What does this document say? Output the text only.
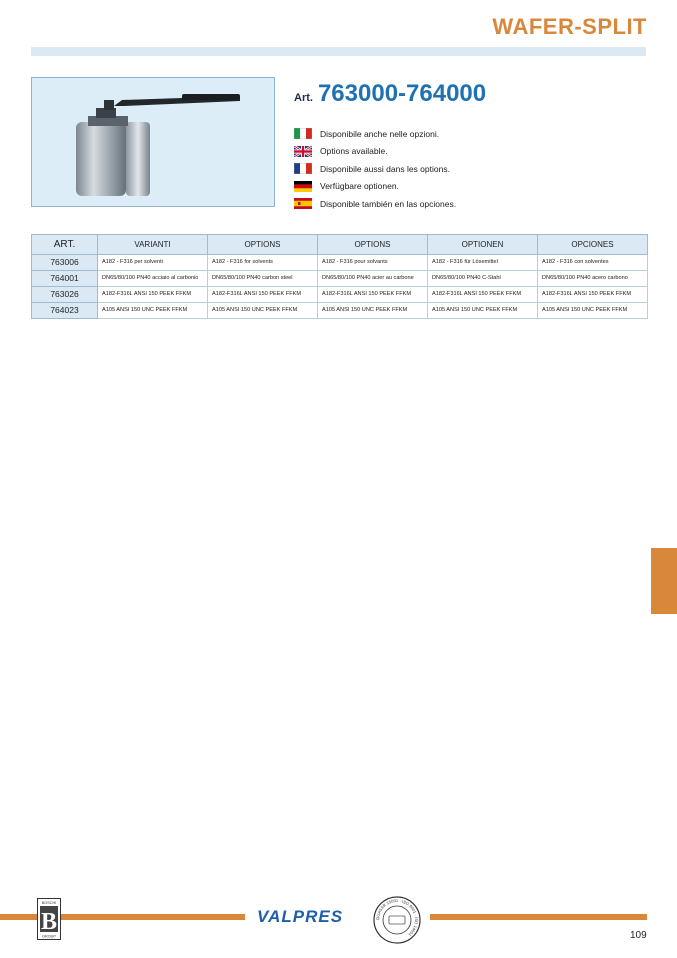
WAFER-SPLIT
Art. 763000-764000
Disponibile anche nelle opzioni.
Options available.
Disponibile aussi dans les options.
Verfügbare optionen.
Disponible también en las opciones.
ART.	VARIANTI	OPTIONS	OPTIONS	OPTIONEN	OPCIONES
763006	A182 - F316 per solventi	A182 - F316 for solvents	A182 - F316 pour solvants	A182 - F316 für Lösemittel	A182 - F316 con solventes
764001	DN65/80/100 PN40 acciaio al carbonio	DN65/80/100 PN40 carbon steel	DN65/80/100 PN40 acier au carbone	DN65/80/100 PN40 C-Stahl	DN65/80/100 PN40 acero carbono
763026	A182-F316L ANSI 150 PEEK FFKM	A182-F316L ANSI 150 PEEK FFKM	A182-F316L ANSI 150 PEEK FFKM	A182-F316L ANSI 150 PEEK FFKM	A182-F316L ANSI 150 PEEK FFKM
764023	A105 ANSI 150 UNC PEEK FFKM	A105 ANSI 150 UNC PEEK FFKM	A105 ANSI 150 UNC PEEK FFKM	A105 ANSI 150 UNC PEEK FFKM	A105 ANSI 150 UNC PEEK FFKM
BOSCHI
B
GROUP
VALPRES	QUASAR 15001 · ISO 9001 · ISO 14001	109
